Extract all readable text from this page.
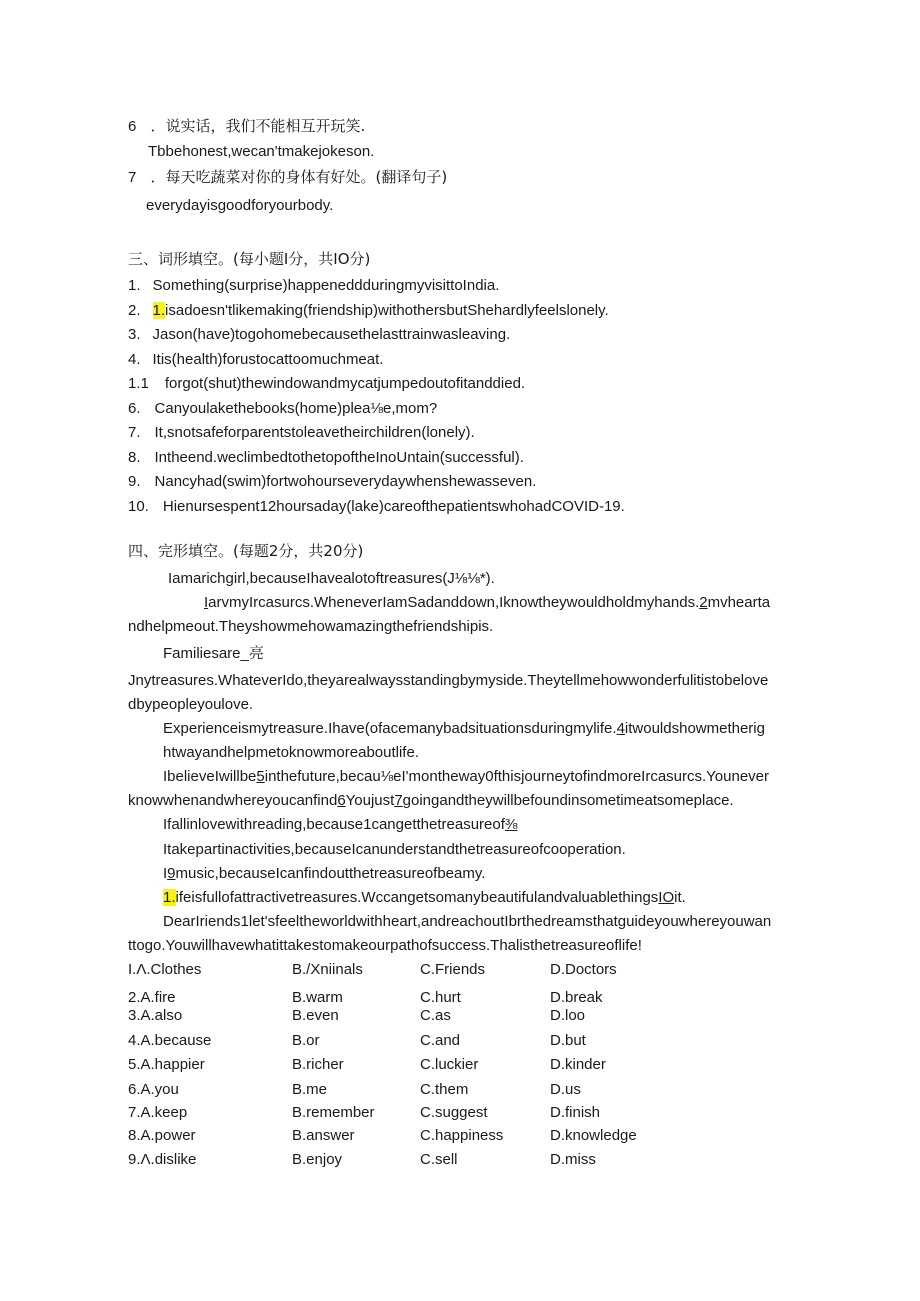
6 ．说实话，我们不能相互开玩笑.
Tbbehonest,wecan'tmakejokeson.
7 ．每天吃蔬菜对你的身体有好处。(翻译句子)
everydayisgoodforyourbody.
三、词形填空。(每小题I分，共IO分)
1. Something(surprise)happeneddduringmyvisittoIndia.
2. 1.isadoesn'tlikemaking(friendship)withothersbutShehardlyfeelslonely.
3. Jason(have)togohomebecausethelasttrainwasleaving.
4. Itis(health)forustocattoomuchmeat.
1.1 forgot(shut)thewindowandmycatjumpedoutofitanddied.
6. Canyoulakethebooks(home)plea⅛e,mom?
7. It,snotsafeforparentstoleavetheirchildren(lonely).
8. Intheend.weclimbedtothetopoftheInoUntain(successful).
9. Nancyhad(swim)fortwohourseverydaywhenshewasseven.
10. Hienursespent12hoursaday(lake)careofthepatientswhohadCOVID-19.
四、完形填空。(每题2分，共20分)
Iamarichgirl,becauseIhavealotoftreasures(J⅛⅛*).
IarvmyIrcasurcs.WheneverIamSadanddown,Iknowtheywouldholdmyhands.2mvheartа
ndhelpmeout.Theyshowmehowamazingthefriendshipis.
Familiesare_亮
Jnytreasures.WhateverIdo,theyarealwaysstandingbymyside.Theytellmehowwonderfulitistobelove
dbypeopleyoulove.
Experienceismytreasure.Ihave(ofacemanybadsituationsduringmylife.4itwouldshowmetherig
htwayandhelpmetoknowmoreaboutlife.
IbelieveIwillbe5inthefuture,becau⅛eI'montheway0fthisjourneytofindmoreIrcasurcs.Younever
knowwhenandwhereyoucanfind6Youjust7goingandtheywillbefoundinsometimeatsomeplace.
Ifallinlovewithreading,because1cangetthetreasureof⅜
Itakepartinactivities,becauseIcanunderstandthetreasureofcooperation.
I9music,becauseIcanfindoutthetreasureofbeamy.
1.ifeisfullofattractivetreasures.WccangetsomanybeautifulandvaluablethingsIOit.
DearIriends1let'sfeeltheworldwithheart,andreachoutIbrthedreamsthatguideyouwhereyouwan
ttogo.Youwillhavewhatittakestomakeourpathofsuccess.Thalisthetreasureoflife!
I.Λ.Clothes	B./Xniinals	C.Friends	D.Doctors
2.A.fire	B.warm	C.hurt	D.break
3.A.also	B.even	C.as	D.loo
4.A.because	B.or	C.and	D.but
5.A.happier	B.richer	C.luckier	D.kinder
6.A.you	B.me	C.them	D.us
7.A.keep	B.remember	C.suggest	D.finish
8.A.power	B.answer	C.happiness	D.knowledge
9.Λ.dislike	B.enjoy	C.sell	D.miss
